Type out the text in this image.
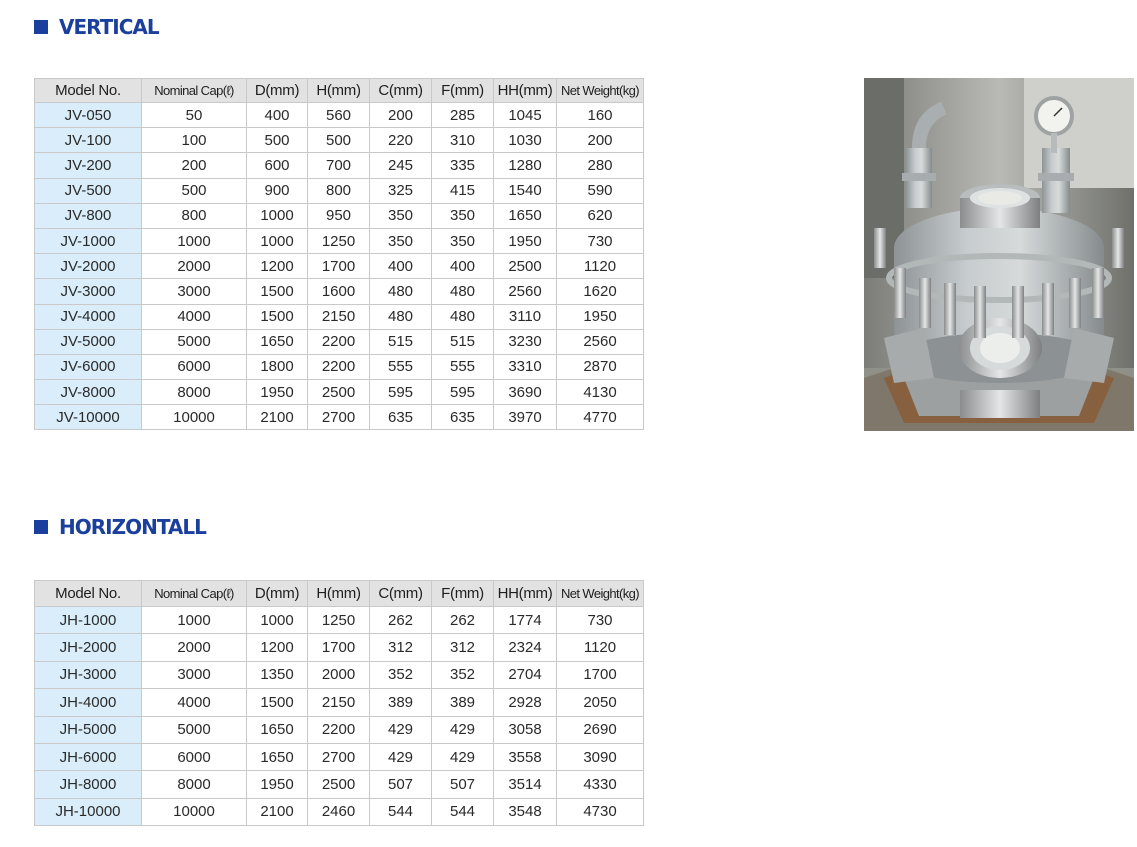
VERTICAL
Model No.	Nominal Cap(ℓ)	D(mm)	H(mm)	C(mm)	F(mm)	HH(mm)	Net Weight(kg)
JV-050	50	400	560	200	285	1045	160
JV-100	100	500	500	220	310	1030	200
JV-200	200	600	700	245	335	1280	280
JV-500	500	900	800	325	415	1540	590
JV-800	800	1000	950	350	350	1650	620
JV-1000	1000	1000	1250	350	350	1950	730
JV-2000	2000	1200	1700	400	400	2500	1120
JV-3000	3000	1500	1600	480	480	2560	1620
JV-4000	4000	1500	2150	480	480	3110	1950
JV-5000	5000	1650	2200	515	515	3230	2560
JV-6000	6000	1800	2200	555	555	3310	2870
JV-8000	8000	1950	2500	595	595	3690	4130
JV-10000	10000	2100	2700	635	635	3970	4770
HORIZONTALL
Model No.	Nominal Cap(ℓ)	D(mm)	H(mm)	C(mm)	F(mm)	HH(mm)	Net Weight(kg)
JH-1000	1000	1000	1250	262	262	1774	730
JH-2000	2000	1200	1700	312	312	2324	1120
JH-3000	3000	1350	2000	352	352	2704	1700
JH-4000	4000	1500	2150	389	389	2928	2050
JH-5000	5000	1650	2200	429	429	3058	2690
JH-6000	6000	1650	2700	429	429	3558	3090
JH-8000	8000	1950	2500	507	507	3514	4330
JH-10000	10000	2100	2460	544	544	3548	4730
